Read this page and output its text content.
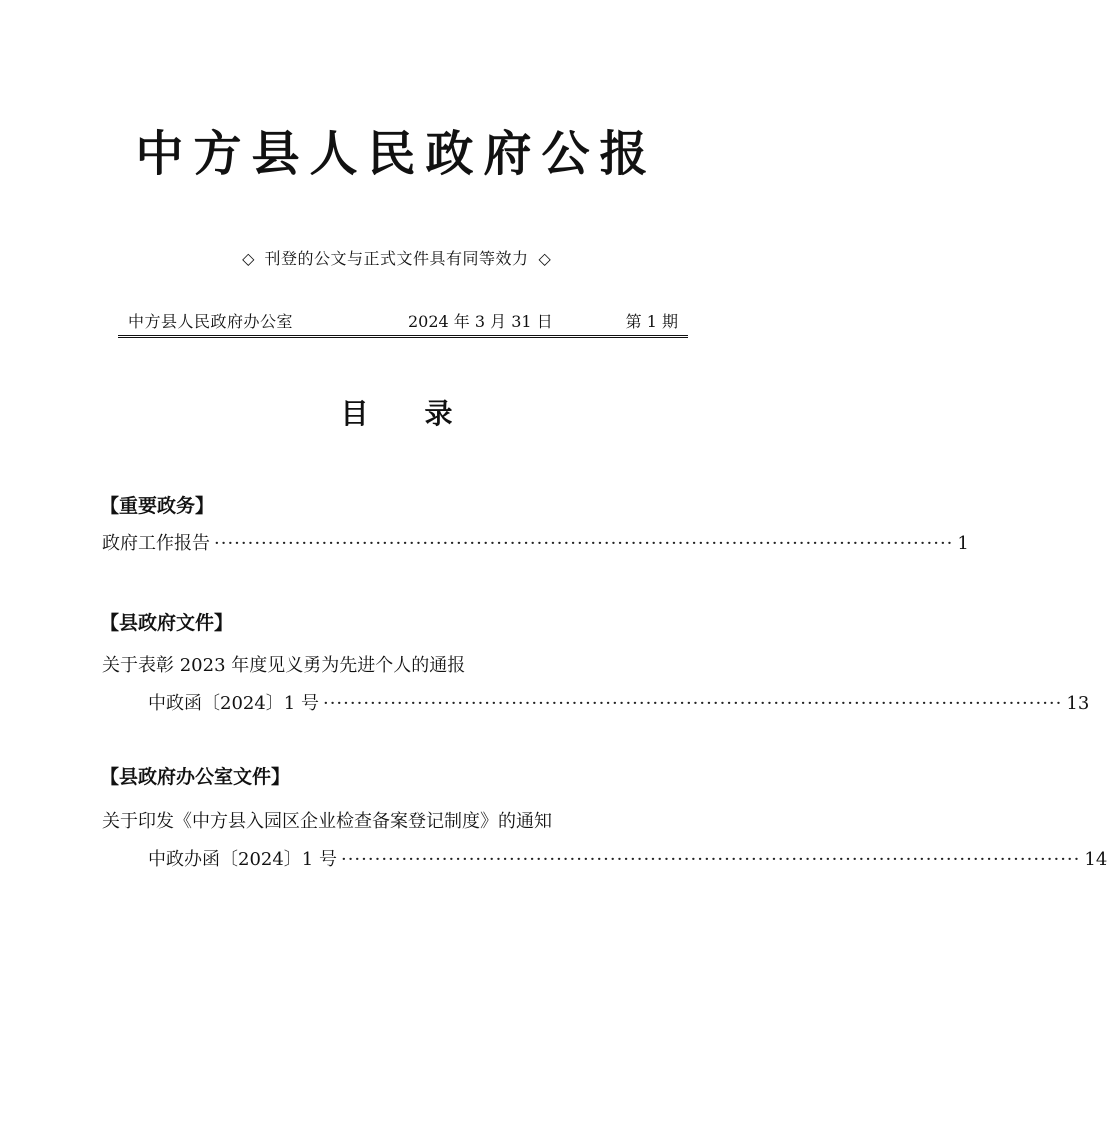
中方县人民政府公报
◇ 刊登的公文与正式文件具有同等效力 ◇
中方县人民政府办公室	2024 年 3 月 31 日	第 1 期
目 录
【重要政务】
政府工作报告 ·············································································································· 1
【县政府文件】
关于表彰 2023 年度见义勇为先进个人的通报
中政函〔2024〕1 号 ·············································································································· 13
【县政府办公室文件】
关于印发《中方县入园区企业检查备案登记制度》的通知
中政办函〔2024〕1 号 ·············································································································· 14
